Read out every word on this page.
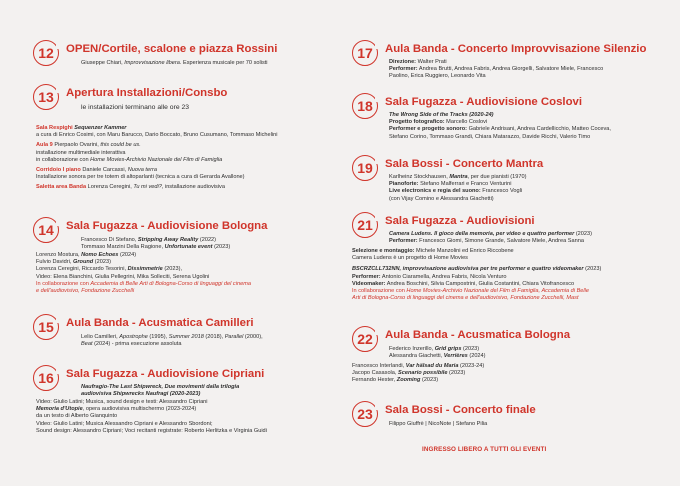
12	OPEN/Cortile, scalone e piazza Rossini
Giuseppe Chiari, Improvvisazione libera. Esperienza musicale per 70 solisti
13	Apertura Installazioni/Consbo
le installazioni terminano alle ore 23
Sala Respighi Sequenzer Kammer
a cura di Enrico Cosimi, con Maru Barucco, Dario Boccato, Bruno Cusumano, Tommaso Michelini
Aula 9 Pierpaolo Ovarini, this could be us.
installazione multimediale interattiva
in collaborazione con Home Movies-Archivio Nazionale del Film di Famiglia
Corridoio I piano Daniele Carcassi, Nuova terra
Installazione sonora per tre totem di altoparlanti (tecnica a cura di Gerarda Avallone)
Saletta area Banda Lorenza Ceregini, Tu mi vedi?, installazione audiovisiva
14	Sala Fugazza - Audiovisione Bologna
Francesco Di Stefano, Stripping Away Reality (2022)
Tommaso Marzini Della Ragione, Unfortunate event (2023)
Lorenzo Mostura, Nomo Echoes (2024)
Fulvio Davidri, Ground (2023)
Lorenza Ceregini, Riccardo Tesorini, Dissimmetrie (2023),
Video: Elena Bianchini, Giulia Pellegrini, Mika Solleciti, Serena Ugolini
In collaborazione con Accademia di Belle Arti di Bologna-Corso di linguaggi del cinema
e dell'audiovisivo, Fondazione Zucchelli
15	Aula Banda - Acusmatica Camilleri
Lelio Camilleri, Apostrophe (1995), Summer 2018 (2018), Parallel (2000),
Beat (2024) - prima esecuzione assoluta
16	Sala Fugazza - Audiovisione Cipriani
Naufragio-The Last Shipwreck, Due movimenti dalla trilogia
audiovisiva Shipwrecks Naufragi (2020-2023)
Video: Giulio Latini; Musica, sound design e testi: Alessandro Cipriani
Memoria d'Utopie, opera audiovisiva multischermo (2023-2024)
da un testo di Alberto Gianquinto
Video: Giulio Latini; Musica Alessandro Cipriani e Alessandro Sbordoni;
Sound design: Alessandro Cipriani; Voci recitanti registrate: Roberto Herlitzka e Virginia Guidi
17	Aula Banda - Concerto Improvvisazione Silenzio
Direzione: Walter Prati
Performer: Andrea Brutti, Andrea Fabris, Andrea Giorgelli, Salvatore Miele, Francesco
Paolino, Erica Ruggiero, Leonardo Vita
18	Sala Fugazza - Audiovisione Coslovi
The Wrong Side of the Tracks (2020-24)
Progetto fotografico: Marcello Coslovi
Performer e progetto sonoro: Gabriele Andrisani, Andrea Cardellicchio, Matteo Coceva,
Stefano Corino, Tommaso Grandi, Chiara Matarazzo, Davide Ricchi, Valerio Timo
19	Sala Bossi - Concerto Mantra
Karlheinz Stockhausen, Mantra, per due pianisti (1970)
Pianoforte: Stefano Malferrari e Franco Venturini
Live electronics e regia del suono: Francesco Vogli
(con Vijay Comino e Alessandra Giachetti)
21	Sala Fugazza - Audiovisioni
Camera Ludens. Il gioco della memoria, per video e quattro performer (2023)
Performer: Francesco Giomi, Simone Grande, Salvatore Miele, Andrea Sanna
Selezione e montaggio: Michele Manzolini ed Enrico Riccobene
Camera Ludens è un progetto di Home Movies
BSCRZCLL732NN, improvvisazione audiovisiva per tre performer e quattro videomaker (2023)
Performer: Antonio Ciaramella, Andrea Fabris, Nicola Venturo
Videomaker: Andrea Boschini, Silvia Campostrini, Giulia Costantini, Chiara Vitofrancesco
In collaborazione con Home Movies-Archivio Nazionale del Film di Famiglia, Accademia di Belle
Arti di Bologna-Corso di linguaggi del cinema e dell'audiovisivo, Fondazione Zucchelli, Mast
22	Aula Banda - Acusmatica Bologna
Federico Inzerillo, Grid grips (2023)
Alessandra Giachetti, Verrières (2024)
Francesco Interlandi, Var hälsad du Maria (2023-24)
Jacopo Casasola, Scenario possibile (2023)
Fernando Hester, Zooming (2023)
23	Sala Bossi - Concerto finale
Filippo Giuffrè | NicoNote | Stefano Pilia
INGRESSO LIBERO A TUTTI GLI EVENTI
